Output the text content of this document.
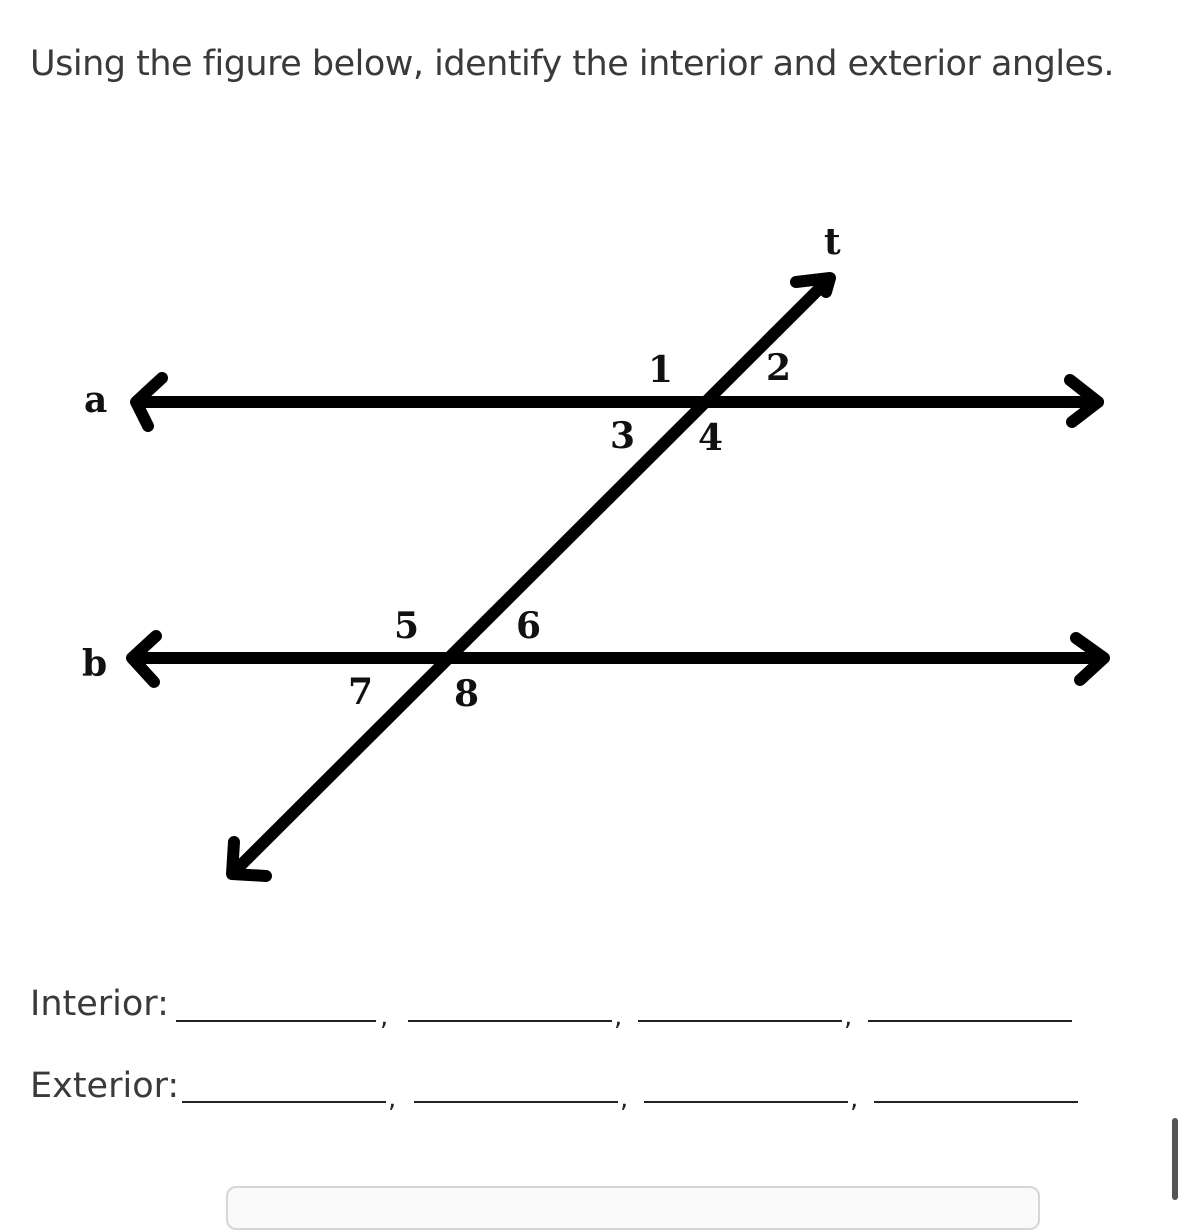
Using the figure below, identify the interior and exterior angles.
a
b
t
1	2
3 4
5	6
7 8
Interior:	,	,	,
Exterior:	,	,	,
